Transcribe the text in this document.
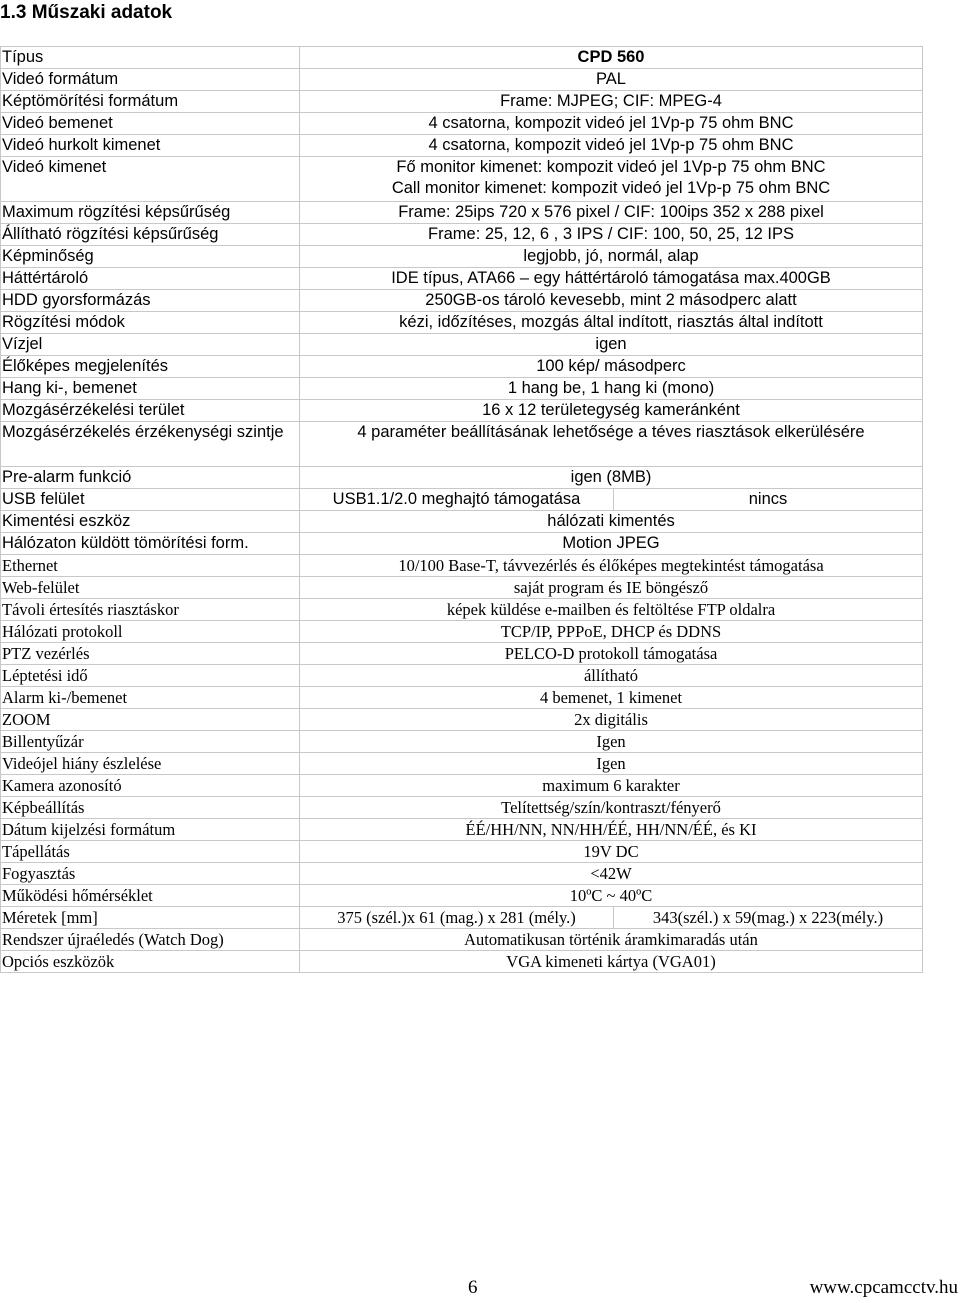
1.3 Műszaki adatok
Típus	CPD 560	
Videó formátum	PAL	
Képtömörítési formátum	Frame: MJPEG; CIF: MPEG-4	
Videó bemenet	4 csatorna, kompozit videó jel 1Vp-p 75 ohm BNC	
Videó hurkolt kimenet	4 csatorna, kompozit videó jel 1Vp-p 75 ohm BNC	
Videó kimenet	Fő monitor kimenet: kompozit videó jel 1Vp-p 75 ohm BNC
Call monitor kimenet: kompozit videó jel 1Vp-p 75 ohm BNC	

Maximum rögzítési képsűrűség	Frame: 25ips 720 x 576 pixel / CIF: 100ips 352 x 288 pixel	
Állítható rögzítési képsűrűség	Frame: 25, 12, 6 , 3 IPS / CIF: 100, 50, 25, 12 IPS	
Képminőség	legjobb, jó, normál, alap	
Háttértároló	IDE típus, ATA66 – egy háttértároló támogatása max.400GB	
HDD gyorsformázás	250GB-os tároló kevesebb, mint 2 másodperc alatt	
Rögzítési módok	kézi, időzítéses, mozgás által indított, riasztás által indított	
Vízjel	igen	
Élőképes megjelenítés	100 kép/ másodperc	
Hang ki-, bemenet	1 hang be, 1 hang ki (mono)	
Mozgásérzékelési terület	16 x 12 területegység kameránként	
Mozgásérzékelés érzékenységi szintje	4 paraméter beállításának lehetősége a téves riasztások elkerülésére	
Pre-alarm funkció	igen (8MB)	
USB felület	USB1.1/2.0 meghajtó támogatása	nincs
Kimentési eszköz	hálózati kimentés	
Hálózaton küldött tömörítési form.	Motion JPEG	
Ethernet	10/100 Base-T, távvezérlés és élőképes megtekintést támogatása	
Web-felület	saját program és IE böngésző	
Távoli értesítés riasztáskor	képek küldése e-mailben és feltöltése FTP oldalra	
Hálózati protokoll	TCP/IP, PPPoE, DHCP és DDNS	
PTZ vezérlés	PELCO-D protokoll támogatása	
Léptetési idő	állítható	
Alarm ki-/bemenet	4 bemenet, 1 kimenet	
ZOOM	2x digitális	
Billentyűzár	Igen	
Videójel hiány észlelése	Igen	
Kamera azonosító	maximum 6 karakter	
Képbeállítás	Telítettség/szín/kontraszt/fényerő	
Dátum kijelzési formátum	ÉÉ/HH/NN, NN/HH/ÉÉ, HH/NN/ÉÉ, és KI	
Tápellátás	19V DC	
Fogyasztás	<42W	
Működési hőmérséklet	10ºC ~ 40ºC	
Méretek [mm]	375 (szél.)x 61 (mag.) x 281 (mély.)	343(szél.) x 59(mag.) x 223(mély.)
Rendszer újraéledés (Watch Dog)	Automatikusan történik áramkimaradás után	
Opciós eszközök	VGA kimeneti kártya (VGA01)	
6	www.cpcamcctv.hu
